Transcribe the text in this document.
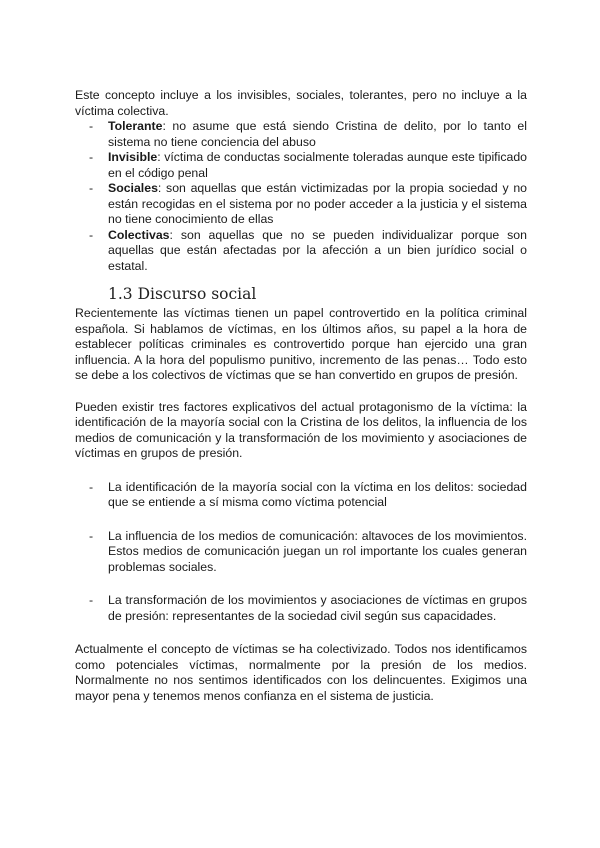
Este concepto incluye a los invisibles, sociales, tolerantes, pero no incluye a la víctima colectiva.

- Tolerante: no asume que está siendo Cristina de delito, por lo tanto el sistema no tiene conciencia del abuso
- Invisible: víctima de conductas socialmente toleradas aunque este tipificado en el código penal
- Sociales: son aquellas que están victimizadas por la propia sociedad y no están recogidas en el sistema por no poder acceder a la justicia y el sistema no tiene conocimiento de ellas
- Colectivas: son aquellas que no se pueden individualizar porque son aquellas que están afectadas por la afección a un bien jurídico social o estatal.
1.3 Discurso social

Recientemente las víctimas tienen un papel controvertido en la política criminal española. Si hablamos de víctimas, en los últimos años, su papel a la hora de establecer políticas criminales es controvertido porque han ejercido una gran influencia. A la hora del populismo punitivo, incremento de las penas… Todo esto se debe a los colectivos de víctimas que se han convertido en grupos de presión.

Pueden existir tres factores explicativos del actual protagonismo de la víctima: la identificación de la mayoría social con la Cristina de los delitos, la influencia de los medios de comunicación y la transformación de los movimiento y asociaciones de víctimas en grupos de presión.

- La identificación de la mayoría social con la víctima en los delitos: sociedad que se entiende a sí misma como víctima potencial
- La influencia de los medios de comunicación: altavoces de los movimientos. Estos medios de comunicación juegan un rol importante los cuales generan problemas sociales.
- La transformación de los movimientos y asociaciones de víctimas en grupos de presión: representantes de la sociedad civil según sus capacidades.

Actualmente el concepto de víctimas se ha colectivizado. Todos nos identificamos como potenciales víctimas, normalmente por la presión de los medios. Normalmente no nos sentimos identificados con los delincuentes. Exigimos una mayor pena y tenemos menos confianza en el sistema de justicia.
